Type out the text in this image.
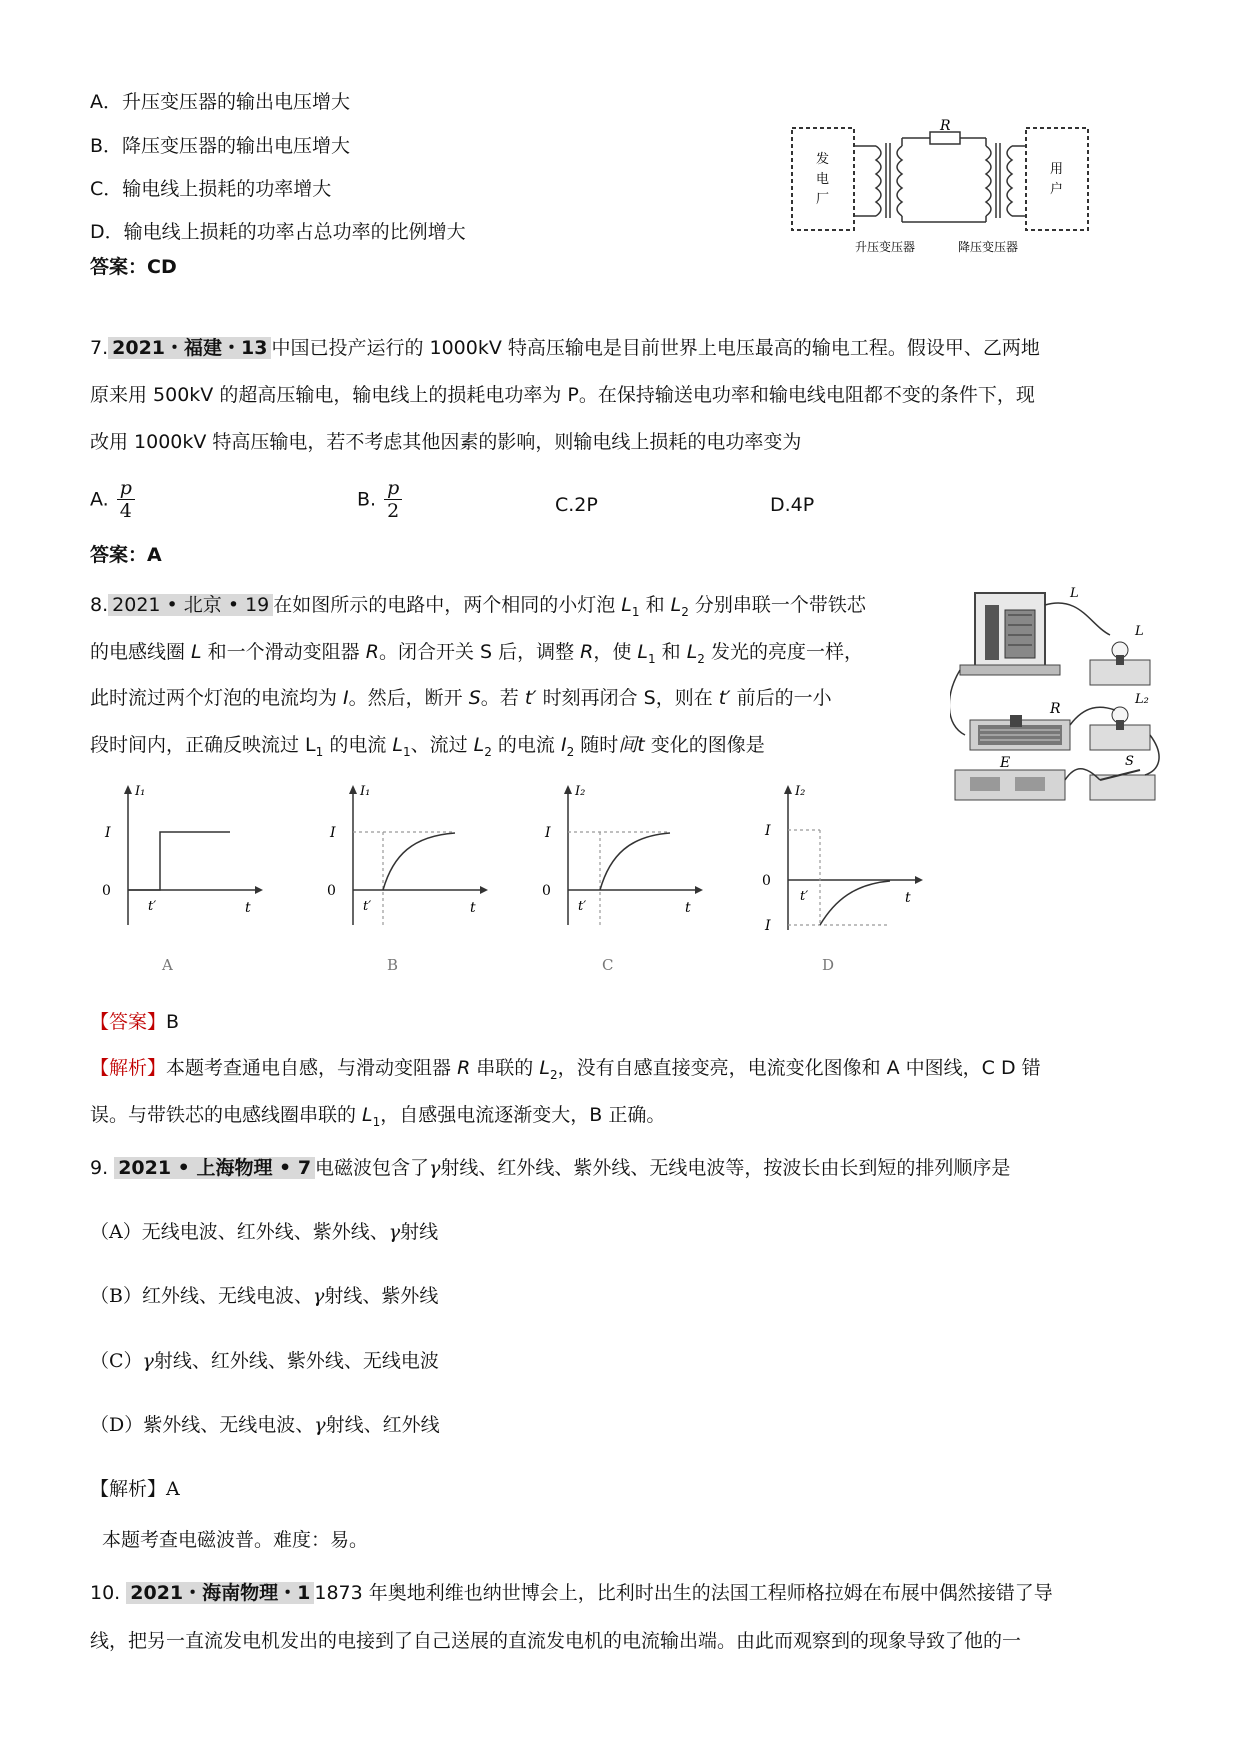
A．升压变压器的输出电压增大
B．降压变压器的输出电压增大
C．输电线上损耗的功率增大
D．输电线上损耗的功率占总功率的比例增大
答案：CD
R
发
电
厂
用
户
升压变压器	降压变压器
7. 2021・福建・13 中国已投产运行的 1000kV 特高压输电是目前世界上电压最高的输电工程。假设甲、乙两地
原来用 500kV 的超高压输电，输电线上的损耗电功率为 P。在保持输送电功率和输电线电阻都不变的条件下，现
改用 1000kV 特高压输电，若不考虑其他因素的影响，则输电线上损耗的电功率变为
A. $\frac{p}{4}$	B. $\frac{p}{2}$	C.2P	D.4P
答案：A
8. 2021 • 北京 • 19 在如图所示的电路中，两个相同的小灯泡 $L_1$ 和 $L_2$ 分别串联一个带铁芯
的电感线圈 L 和一个滑动变阻器 R。闭合开关 S 后，调整 R，使 $L_1$ 和 $L_2$ 发光的亮度一样，
此时流过两个灯泡的电流均为 I。然后，断开 S。若 t′ 时刻再闭合 S，则在 t′ 前后的一小
段时间内，正确反映流过 $L_1$ 的电流 $L_1$、流过 $L_2$ 的电流 $I_2$ 随时间t 变化的图像是
L
L
L₂
R
E	S
I₁
I
0
t′	t
A
I₁
I
0
t′	t
B
I₂
I
0
t′	t
C
I₂
I
0
t′	t
I
D
【答案】B
【解析】本题考查通电自感，与滑动变阻器 R 串联的 $L_2$，没有自感直接变亮，电流变化图像和 A 中图线，C D 错
误。与带铁芯的电感线圈串联的 $L_1$，自感强电流逐渐变大，B 正确。
9. 2021 • 上海物理 • 7 电磁波包含了γ射线、红外线、紫外线、无线电波等，按波长由长到短的排列顺序是
（A）无线电波、红外线、紫外线、γ射线
（B）红外线、无线电波、γ射线、紫外线
（C）γ射线、红外线、紫外线、无线电波
（D）紫外线、无线电波、γ射线、红外线
【解析】A
本题考查电磁波普。难度：易。
10. 2021・海南物理・1 1873 年奥地利维也纳世博会上，比利时出生的法国工程师格拉姆在布展中偶然接错了导
线，把另一直流发电机发出的电接到了自己送展的直流发电机的电流输出端。由此而观察到的现象导致了他的一
